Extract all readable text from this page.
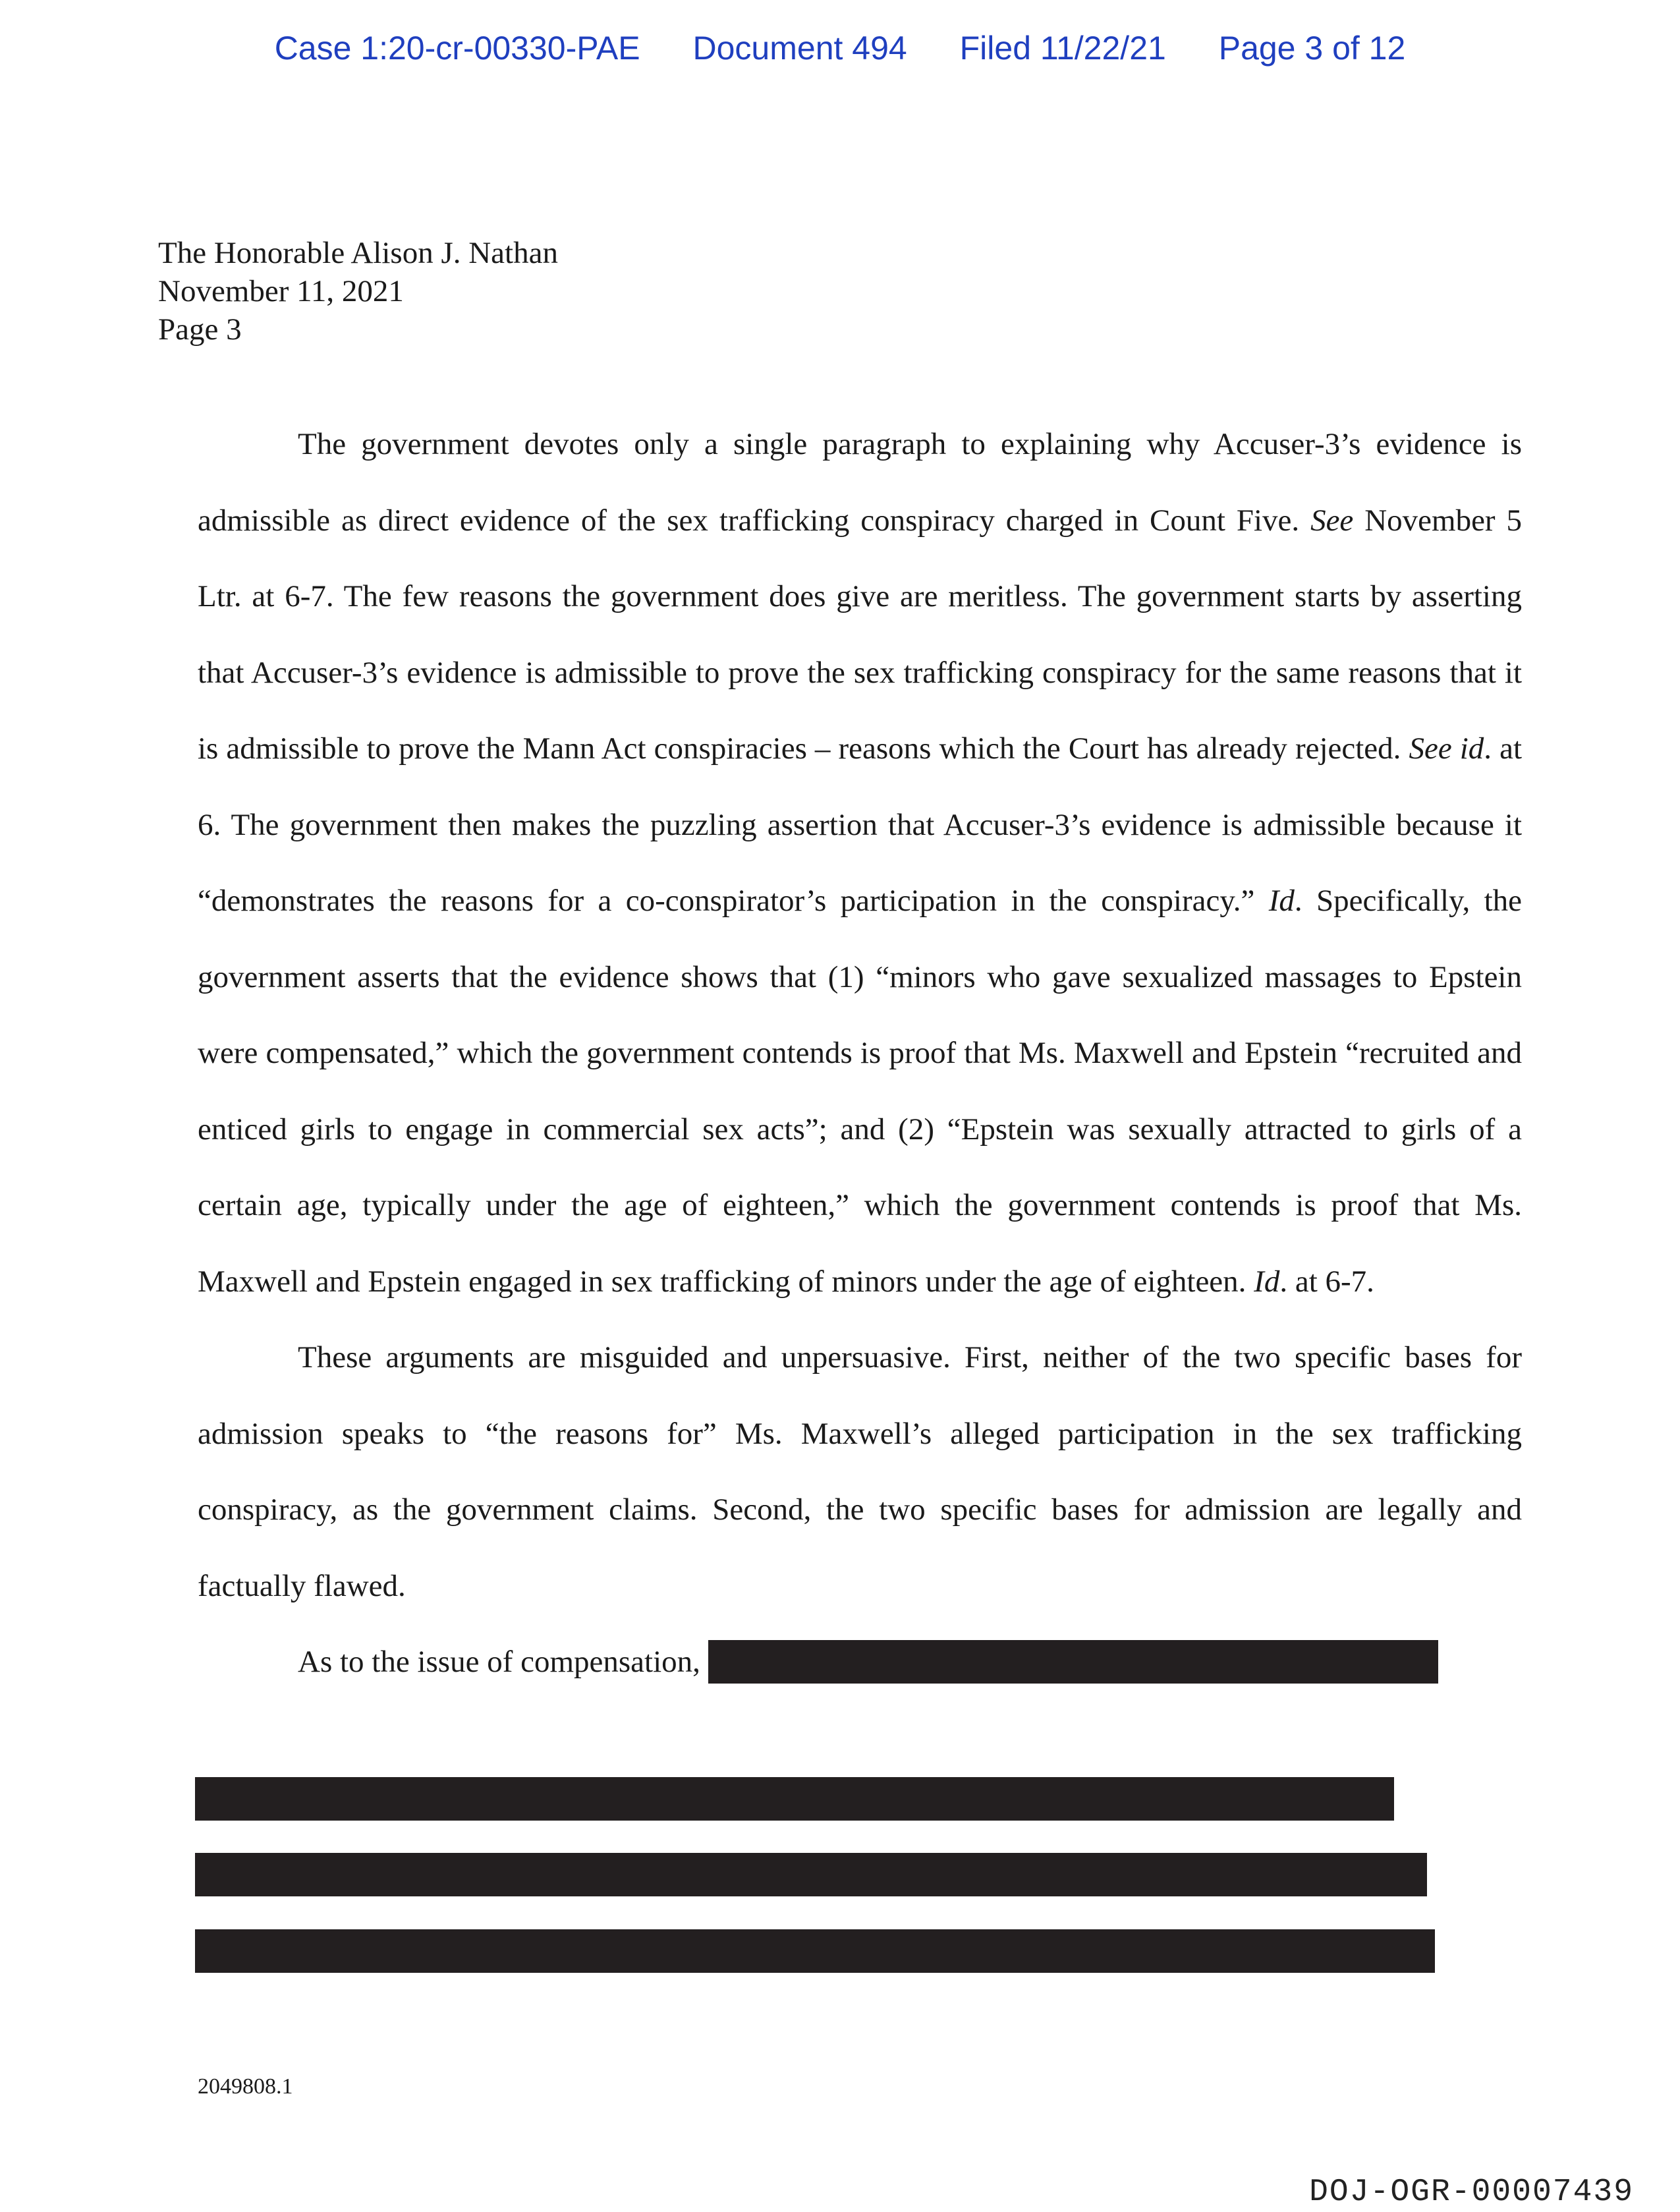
Case 1:20-cr-00330-PAE Document 494 Filed 11/22/21 Page 3 of 12
The Honorable Alison J. Nathan
November 11, 2021
Page 3

The government devotes only a single paragraph to explaining why Accuser-3’s evidence is admissible as direct evidence of the sex trafficking conspiracy charged in Count Five. See November 5 Ltr. at 6-7. The few reasons the government does give are meritless. The government starts by asserting that Accuser-3’s evidence is admissible to prove the sex trafficking conspiracy for the same reasons that it is admissible to prove the Mann Act conspiracies – reasons which the Court has already rejected. See id. at 6. The government then makes the puzzling assertion that Accuser-3’s evidence is admissible because it “demonstrates the reasons for a co-conspirator’s participation in the conspiracy.” Id. Specifically, the government asserts that the evidence shows that (1) “minors who gave sexualized massages to Epstein were compensated,” which the government contends is proof that Ms. Maxwell and Epstein “recruited and enticed girls to engage in commercial sex acts”; and (2) “Epstein was sexually attracted to girls of a certain age, typically under the age of eighteen,” which the government contends is proof that Ms. Maxwell and Epstein engaged in sex trafficking of minors under the age of eighteen. Id. at 6-7.

These arguments are misguided and unpersuasive. First, neither of the two specific bases for admission speaks to “the reasons for” Ms. Maxwell’s alleged participation in the sex trafficking conspiracy, as the government claims. Second, the two specific bases for admission are legally and factually flawed.

As to the issue of compensation,

2049808.1
DOJ-OGR-00007439
